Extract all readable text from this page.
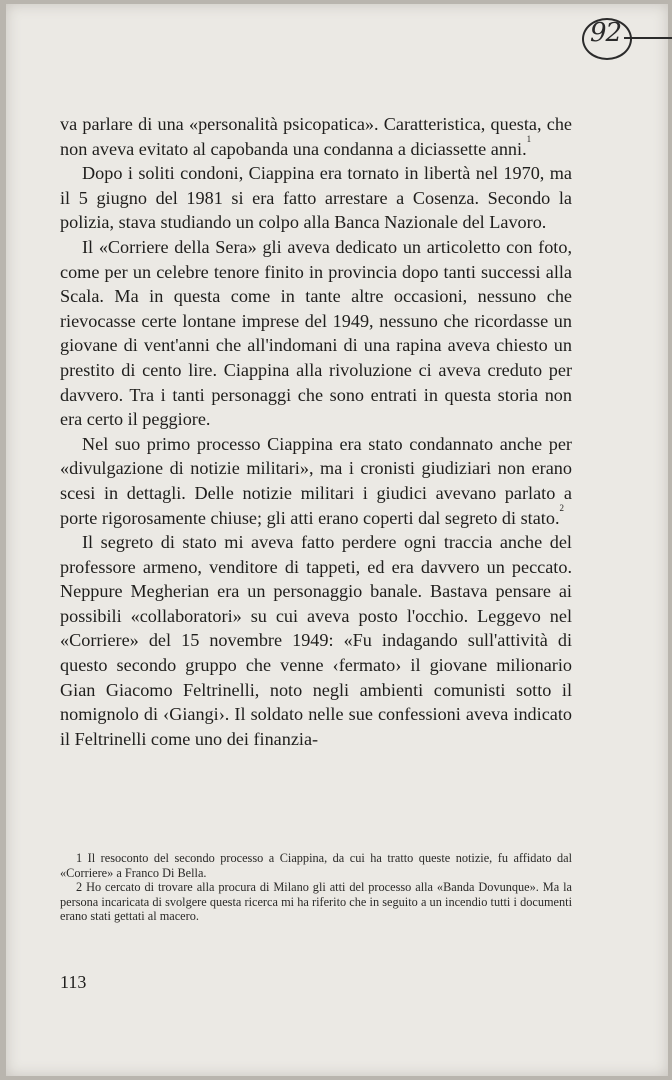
92

va parlare di una «personalità psicopatica». Caratteristica, questa, che non aveva evitato al capobanda una condanna a diciassette anni.$^1$

Dopo i soliti condoni, Ciappina era tornato in libertà nel 1970, ma il 5 giugno del 1981 si era fatto arrestare a Cosenza. Secondo la polizia, stava studiando un colpo alla Banca Nazionale del Lavoro.

Il «Corriere della Sera» gli aveva dedicato un articoletto con foto, come per un celebre tenore finito in provincia dopo tanti successi alla Scala. Ma in questa come in tante altre occasioni, nessuno che rievocasse certe lontane imprese del 1949, nessuno che ricordasse un giovane di vent'anni che all'indomani di una rapina aveva chiesto un prestito di cento lire. Ciappina alla rivoluzione ci aveva creduto per davvero. Tra i tanti personaggi che sono entrati in questa storia non era certo il peggiore.

Nel suo primo processo Ciappina era stato condannato anche per «divulgazione di notizie militari», ma i cronisti giudiziari non erano scesi in dettagli. Delle notizie militari i giudici avevano parlato a porte rigorosamente chiuse; gli atti erano coperti dal segreto di stato.$^2$

Il segreto di stato mi aveva fatto perdere ogni traccia anche del professore armeno, venditore di tappeti, ed era davvero un peccato. Neppure Megherian era un personaggio banale. Bastava pensare ai possibili «collaboratori» su cui aveva posto l'occhio. Leggevo nel «Corriere» del 15 novembre 1949: «Fu indagando sull'attività di questo secondo gruppo che venne ‹fermato› il giovane milionario Gian Giacomo Feltrinelli, noto negli ambienti comunisti sotto il nomignolo di ‹Giangi›. Il soldato nelle sue confessioni aveva indicato il Feltrinelli come uno dei finanzia-

1 Il resoconto del secondo processo a Ciappina, da cui ha tratto queste notizie, fu affidato dal «Corriere» a Franco Di Bella.

2 Ho cercato di trovare alla procura di Milano gli atti del processo alla «Banda Dovunque». Ma la persona incaricata di svolgere questa ricerca mi ha riferito che in seguito a un incendio tutti i documenti erano stati gettati al macero.

113
